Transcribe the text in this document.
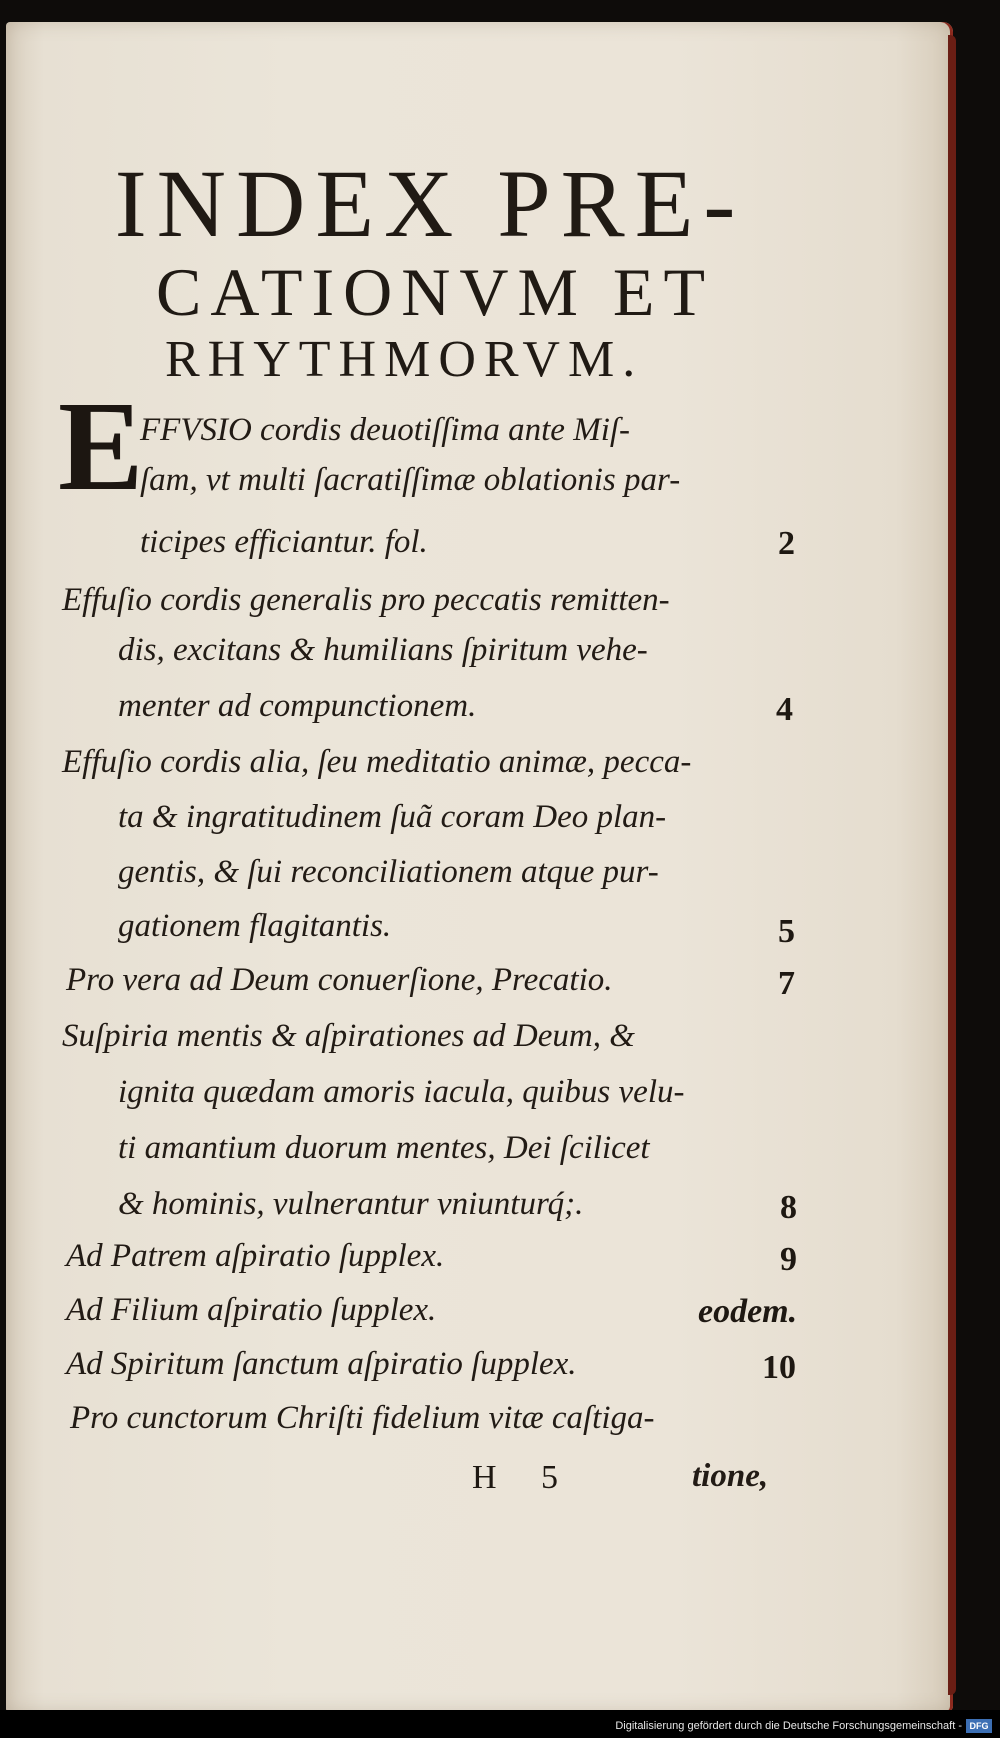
INDEX PRE-
CATIONVM ET
RHYTHMORVM.
E
FFVSIO cordis deuotiſſima ante Miſ-
ſam, vt multi ſacratiſſimæ oblationis par-
ticipes efficiantur. fol.	2
Effuſio cordis generalis pro peccatis remitten-
dis, excitans & humilians ſpiritum vehe-
menter ad compunctionem.	4
Effuſio cordis alia, ſeu meditatio animæ, pecca-
ta & ingratitudinem ſuã coram Deo plan-
gentis, & ſui reconciliationem atque pur-
gationem flagitantis.	5
Pro vera ad Deum conuerſione, Precatio.	7
Suſpiria mentis & aſpirationes ad Deum, &
ignita quædam amoris iacula, quibus velu-
ti amantium duorum mentes, Dei ſcilicet
& hominis, vulnerantur vniunturq́;.	8
Ad Patrem aſpiratio ſupplex.	9
Ad Filium aſpiratio ſupplex.	eodem.
Ad Spiritum ſanctum aſpiratio ſupplex.	10
Pro cunctorum Chriſti fidelium vitæ caſtiga-
H 5	tione,
Digitalisierung gefördert durch die Deutsche Forschungsgemeinschaft - DFG
